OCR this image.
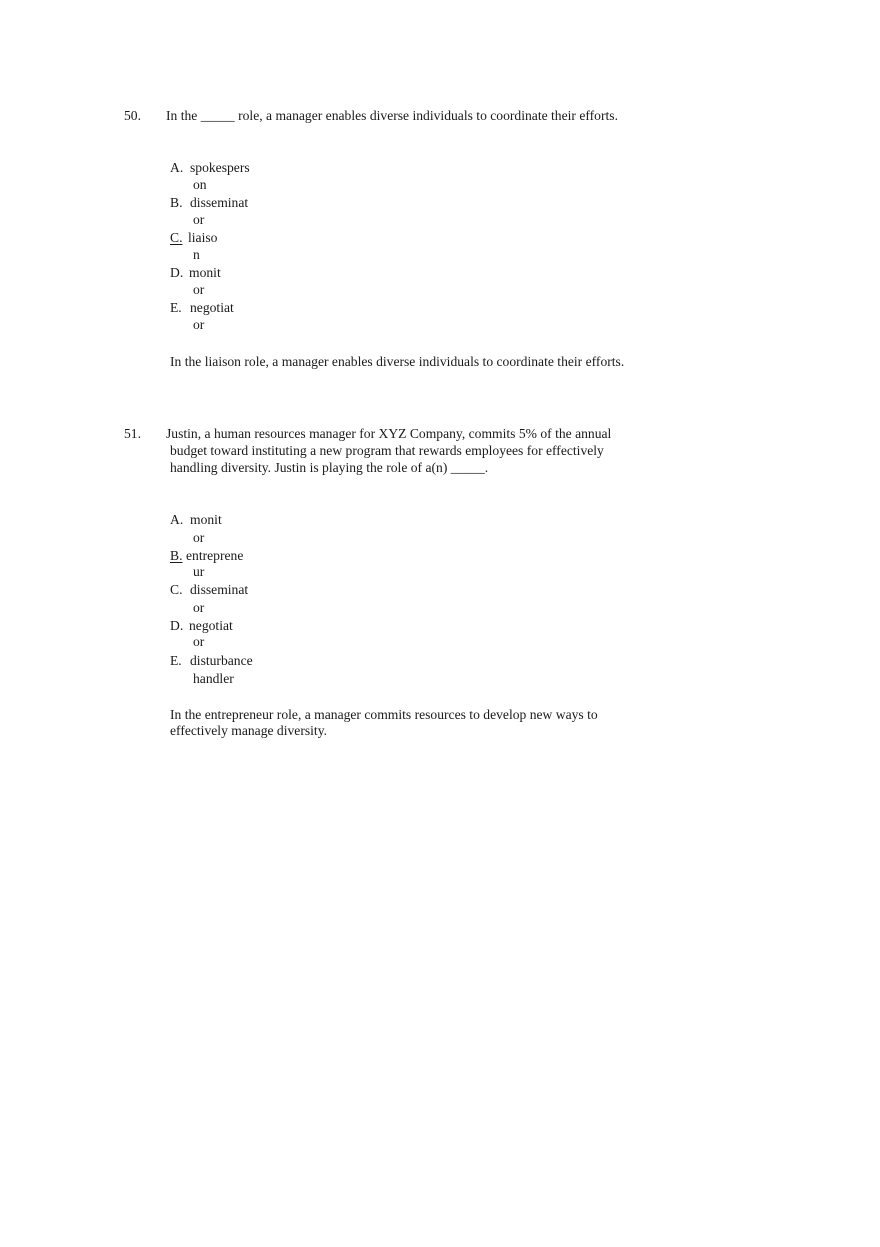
50. In the _____ role, a manager enables diverse individuals to coordinate their efforts.
A. spokespers
on
B. disseminat
or
C. liaiso
n
D. monit
or
E. negotiat
or
In the liaison role, a manager enables diverse individuals to coordinate their efforts.
51. Justin, a human resources manager for XYZ Company, commits 5% of the annual
budget toward instituting a new program that rewards employees for effectively
handling diversity. Justin is playing the role of a(n) _____.
A. monit
or
B. entreprene
ur
C. disseminat
or
D. negotiat
or
E. disturbance
handler
In the entrepreneur role, a manager commits resources to develop new ways to
effectively manage diversity.
